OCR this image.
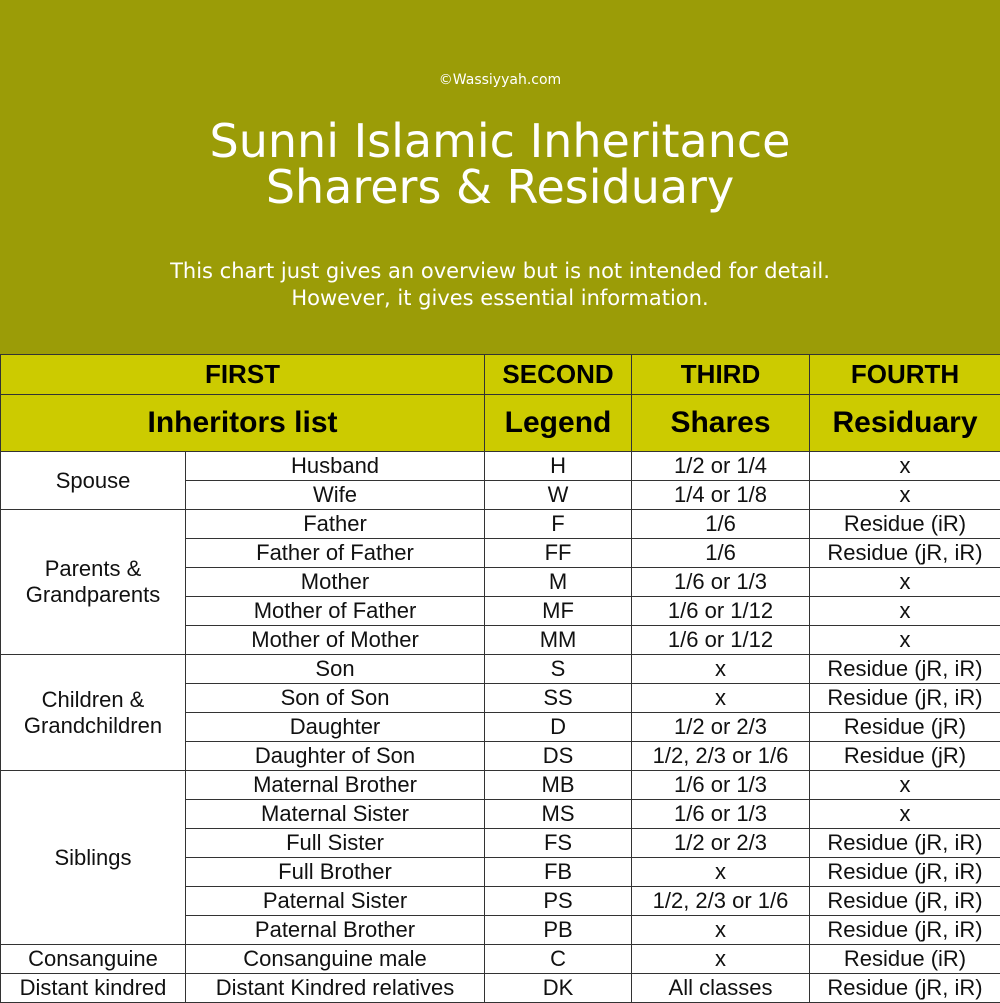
©Wassiyyah.com
Sunni Islamic Inheritance
Sharers & Residuary
This chart just gives an overview but is not intended for detail.
However, it gives essential information.
FIRST		SECOND	THIRD	FOURTH
Inheritors list		Legend	Shares	Residuary

Spouse	Husband	H	1/2 or 1/4	x
	Wife	W	1/4 or 1/8	x

Parents &
Grandparents	Father	F	1/6	Residue (iR)
	Father of Father	FF	1/6	Residue (jR, iR)
	Mother	M	1/6 or 1/3	x
	Mother of Father	MF	1/6 or 1/12	x
	Mother of Mother	MM	1/6 or 1/12	x

Children &
Grandchildren	Son	S	x	Residue (jR, iR)
	Son of Son	SS	x	Residue (jR, iR)
	Daughter	D	1/2 or 2/3	Residue (jR)
	Daughter of Son	DS	1/2, 2/3 or 1/6	Residue (jR)

Siblings	Maternal Brother	MB	1/6 or 1/3	x
	Maternal Sister	MS	1/6 or 1/3	x
	Full Sister	FS	1/2 or 2/3	Residue (jR, iR)
	Full Brother	FB	x	Residue (jR, iR)
	Paternal Sister	PS	1/2, 2/3 or 1/6	Residue (jR, iR)
	Paternal Brother	PB	x	Residue (jR, iR)

Consanguine	Consanguine male	C	x	Residue (iR)

Distant kindred	Distant Kindred relatives	DK	All classes	Residue (jR, iR)
